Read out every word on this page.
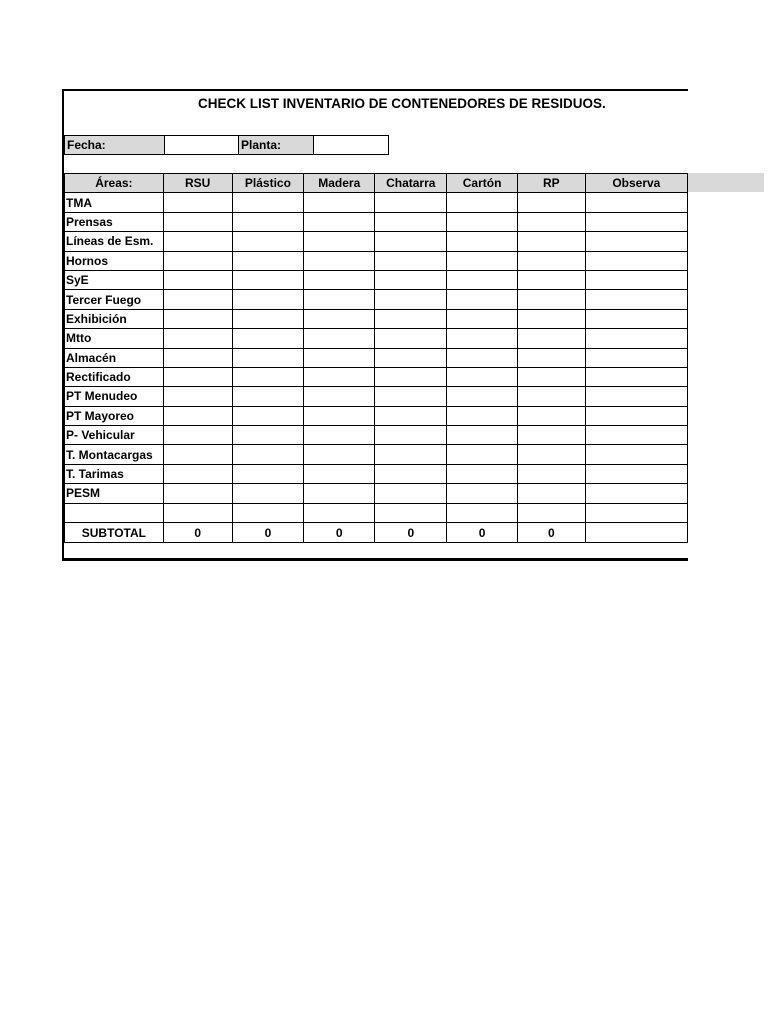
CHECK LIST INVENTARIO DE CONTENEDORES DE RESIDUOS.
Fecha:	Planta:
Áreas:	RSU	Plástico	Madera	Chatarra	Cartón	RP	Observa
TMA							
Prensas							
Líneas de Esm.							
Hornos							
SyE							
Tercer Fuego							
Exhibición							
Mtto							
Almacén							
Rectificado							
PT Menudeo							
PT Mayoreo							
P- Vehicular							
T. Montacargas							
T. Tarimas							
PESM							

SUBTOTAL	0	0	0	0	0	0	
